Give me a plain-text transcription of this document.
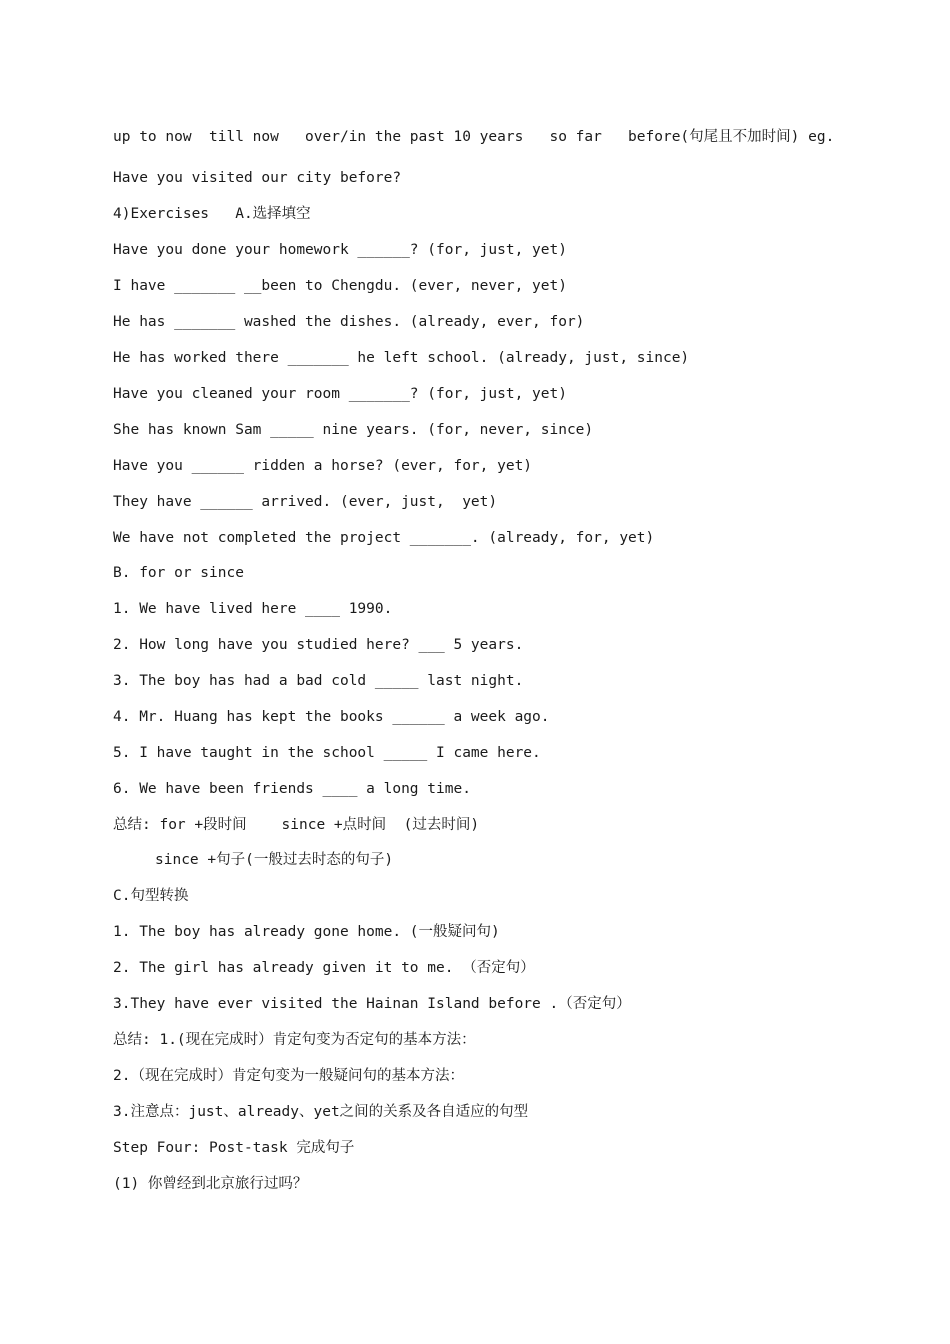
up to now  till now   over/in the past 10 years   so far   before(句尾且不加时间) eg.
Have you visited our city before?
4)Exercises   A.选择填空
Have you done your homework ______? (for, just, yet)
I have _______ __been to Chengdu. (ever, never, yet)
He has _______ washed the dishes. (already, ever, for)
He has worked there _______ he left school. (already, just, since)
Have you cleaned your room _______? (for, just, yet)
She has known Sam _____ nine years. (for, never, since)
Have you ______ ridden a horse? (ever, for, yet)
They have ______ arrived. (ever, just,  yet)
We have not completed the project _______. (already, for, yet)
B. for or since
1. We have lived here ____ 1990.
2. How long have you studied here? ___ 5 years.
3. The boy has had a bad cold _____ last night.
4. Mr. Huang has kept the books ______ a week ago.
5. I have taught in the school _____ I came here.
6. We have been friends ____ a long time.
总结: for +段时间    since +点时间  (过去时间)
since +句子(一般过去时态的句子)
C.句型转换
1. The boy has already gone home. (一般疑问句)
2. The girl has already given it to me. （否定句）
3.They have ever visited the Hainan Island before .（否定句）
总结: 1.(现在完成时）肯定句变为否定句的基本方法：
2.（现在完成时）肯定句变为一般疑问句的基本方法：
3.注意点：just、already、yet之间的关系及各自适应的句型
Step Four: Post-task 完成句子
(1) 你曾经到北京旅行过吗？
